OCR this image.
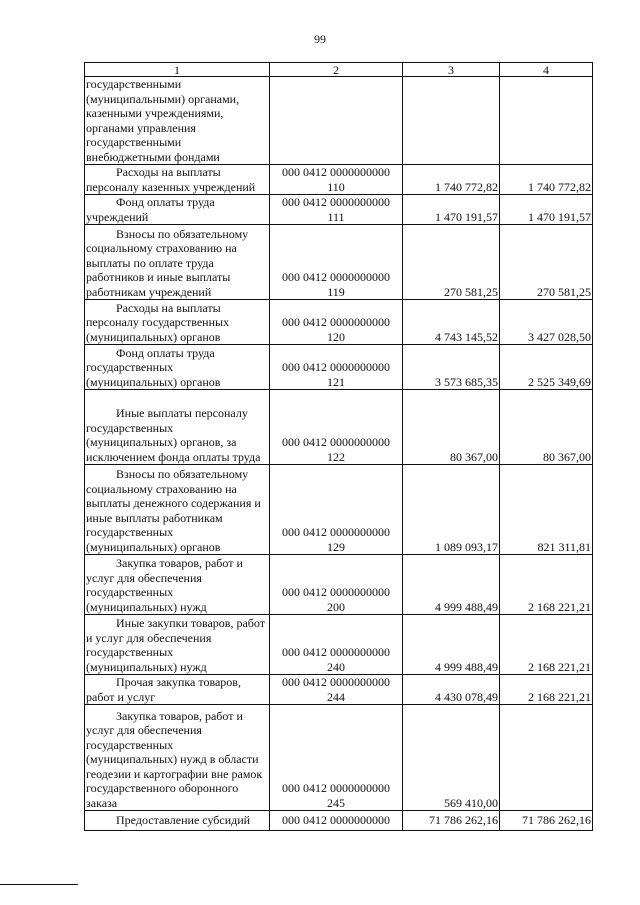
99
1	2	3	4
государственными (муниципальными) органами, казенными учреждениями, органами управления государственными внебюджетными фондами			
Расходы на выплаты персоналу казенных учреждений	000 0412 0000000000 110	1 740 772,82	1 740 772,82
Фонд оплаты труда учреждений	000 0412 0000000000 111	1 470 191,57	1 470 191,57
Взносы по обязательному социальному страхованию на выплаты по оплате труда работников и иные выплаты работникам учреждений	000 0412 0000000000 119	270 581,25	270 581,25
Расходы на выплаты персоналу государственных (муниципальных) органов	000 0412 0000000000 120	4 743 145,52	3 427 028,50
Фонд оплаты труда государственных (муниципальных) органов	000 0412 0000000000 121	3 573 685,35	2 525 349,69
Иные выплаты персоналу государственных (муниципальных) органов, за исключением фонда оплаты труда	000 0412 0000000000 122	80 367,00	80 367,00
Взносы по обязательному социальному страхованию на выплаты денежного содержания и иные выплаты работникам государственных (муниципальных) органов	000 0412 0000000000 129	1 089 093,17	821 311,81
Закупка товаров, работ и услуг для обеспечения государственных (муниципальных) нужд	000 0412 0000000000 200	4 999 488,49	2 168 221,21
Иные закупки товаров, работ и услуг для обеспечения государственных (муниципальных) нужд	000 0412 0000000000 240	4 999 488,49	2 168 221,21
Прочая закупка товаров, работ и услуг	000 0412 0000000000 244	4 430 078,49	2 168 221,21
Закупка товаров, работ и услуг для обеспечения государственных (муниципальных) нужд в области геодезии и картографии вне рамок государственного оборонного заказа	000 0412 0000000000 245	569 410,00	
Предоставление субсидий	000 0412 0000000000	71 786 262,16	71 786 262,16
